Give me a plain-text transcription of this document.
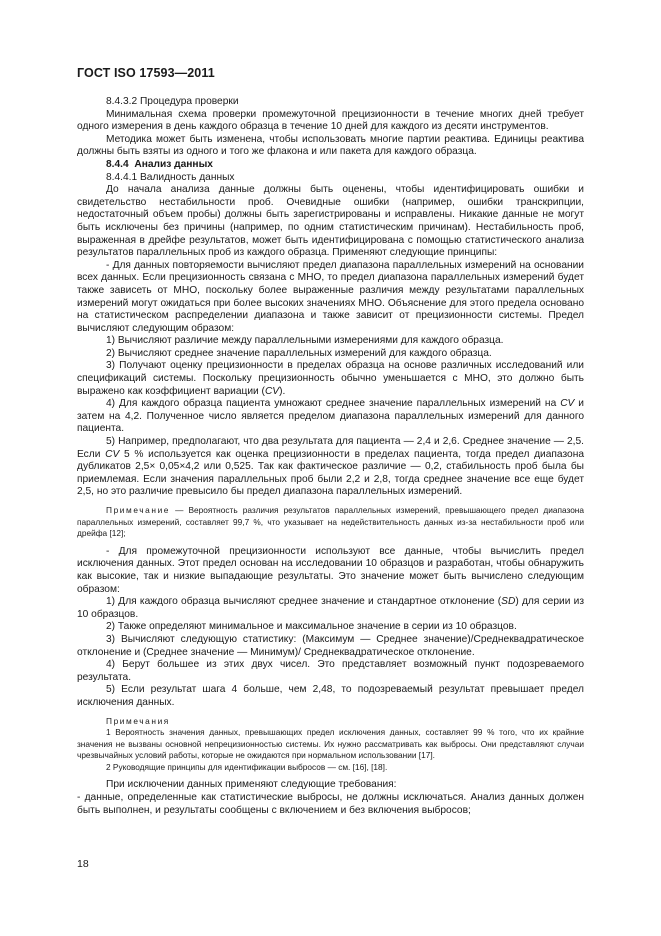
ГОСТ ISO 17593—2011

8.4.3.2 Процедура проверки

Минимальная схема проверки промежуточной прецизионности в течение многих дней требует одного измерения в день каждого образца в течение 10 дней для каждого из десяти инструментов.

Методика может быть изменена, чтобы использовать многие партии реактива. Единицы реактива должны быть взяты из одного и того же флакона и или пакета для каждого образца.

8.4.4 Анализ данных

8.4.4.1 Валидность данных

До начала анализа данные должны быть оценены, чтобы идентифицировать ошибки и свидетельство нестабильности проб. Очевидные ошибки (например, ошибки транскрипции, недостаточный объем пробы) должны быть зарегистрированы и исправлены. Никакие данные не могут быть исключены без причины (например, по одним статистическим причинам). Нестабильность проб, выраженная в дрейфе результатов, может быть идентифицирована с помощью статистического анализа результатов параллельных проб из каждого образца. Применяют следующие принципы:

- Для данных повторяемости вычисляют предел диапазона параллельных измерений на основании всех данных. Если прецизионность связана с МНО, то предел диапазона параллельных измерений будет также зависеть от МНО, поскольку более выраженные различия между результатами параллельных измерений могут ожидаться при более высоких значениях МНО. Объяснение для этого предела основано на статистическом распределении диапазона и также зависит от прецизионности системы. Предел вычисляют следующим образом:

1) Вычисляют различие между параллельными измерениями для каждого образца.

2) Вычисляют среднее значение параллельных измерений для каждого образца.

3) Получают оценку прецизионности в пределах образца на основе различных исследований или спецификаций системы. Поскольку прецизионность обычно уменьшается с МНО, это должно быть выражено как коэффициент вариации (CV).

4) Для каждого образца пациента умножают среднее значение параллельных измерений на CV и затем на 4,2. Полученное число является пределом диапазона параллельных измерений для данного пациента.

5) Например, предполагают, что два результата для пациента — 2,4 и 2,6. Среднее значение — 2,5. Если CV 5 % используется как оценка прецизионности в пределах пациента, тогда предел диапазона дубликатов 2,5× 0,05×4,2 или 0,525. Так как фактическое различие — 0,2, стабильность проб была бы приемлемая. Если значения параллельных проб были 2,2 и 2,8, тогда среднее значение все еще будет 2,5, но это различие превысило бы предел диапазона параллельных измерений.

Примечание — Вероятность различия результатов параллельных измерений, превышающего предел диапазона параллельных измерений, составляет 99,7 %, что указывает на недействительность данных из-за нестабильности проб или дрейфа [12];

- Для промежуточной прецизионности используют все данные, чтобы вычислить предел исключения данных. Этот предел основан на исследовании 10 образцов и разработан, чтобы обнаружить как высокие, так и низкие выпадающие результаты. Это значение может быть вычислено следующим образом:

1) Для каждого образца вычисляют среднее значение и стандартное отклонение (SD) для серии из 10 образцов.

2) Также определяют минимальное и максимальное значение в серии из 10 образцов.

3) Вычисляют следующую статистику: (Максимум — Среднее значение)/Среднеквадратическое отклонение и (Среднее значение — Минимум)/ Среднеквадратическое отклонение.

4) Берут большее из этих двух чисел. Это представляет возможный пункт подозреваемого результата.

5) Если результат шага 4 больше, чем 2,48, то подозреваемый результат превышает предел исключения данных.

Примечания

1 Вероятность значения данных, превышающих предел исключения данных, составляет 99 % того, что их крайние значения не вызваны основной непрецизионностью системы. Их нужно рассматривать как выбросы. Они представляют случаи чрезвычайных условий работы, которые не ожидаются при нормальном использовании [17].

2 Руководящие принципы для идентификации выбросов — см. [16], [18].

При исключении данных применяют следующие требования:

- данные, определенные как статистические выбросы, не должны исключаться. Анализ данных должен быть выполнен, и результаты сообщены с включением и без включения выбросов;

18
